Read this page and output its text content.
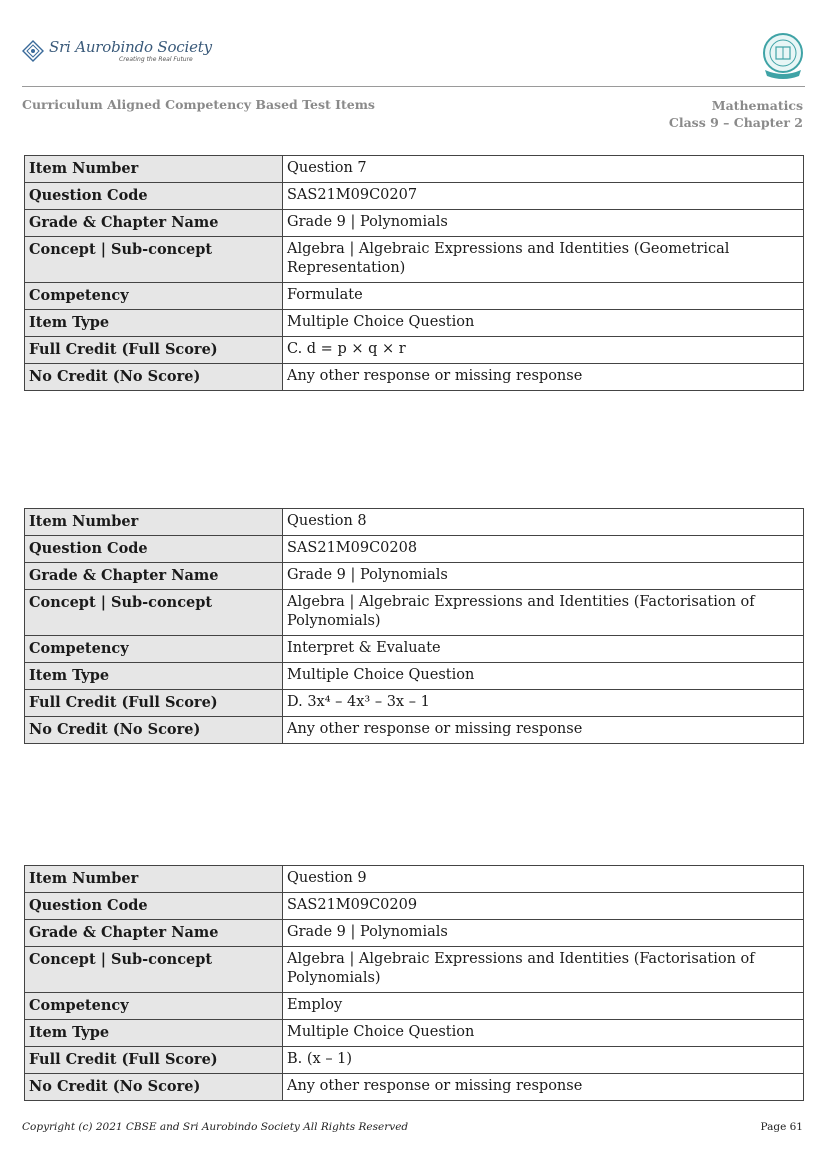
Sri Aurobindo Society
Creating the Real Future
Curriculum Aligned Competency Based Test Items	Mathematics
Class 9 – Chapter 2
Item Number	Question 7
Question Code	SAS21M09C0207
Grade & Chapter Name	Grade 9 | Polynomials
Concept | Sub-concept	Algebra | Algebraic Expressions and Identities (Geometrical Representation)
Competency	Formulate
Item Type	Multiple Choice Question
Full Credit (Full Score)	C. d = p × q × r
No Credit (No Score)	Any other response or missing response
Item Number	Question 8
Question Code	SAS21M09C0208
Grade & Chapter Name	Grade 9 | Polynomials
Concept | Sub-concept	Algebra | Algebraic Expressions and Identities (Factorisation of Polynomials)
Competency	Interpret & Evaluate
Item Type	Multiple Choice Question
Full Credit (Full Score)	D. 3x⁴ – 4x³ – 3x – 1
No Credit (No Score)	Any other response or missing response
Item Number	Question 9
Question Code	SAS21M09C0209
Grade & Chapter Name	Grade 9 | Polynomials
Concept | Sub-concept	Algebra | Algebraic Expressions and Identities (Factorisation of Polynomials)
Competency	Employ
Item Type	Multiple Choice Question
Full Credit (Full Score)	B. (x – 1)
No Credit (No Score)	Any other response or missing response
Copyright (c) 2021 CBSE and Sri Aurobindo Society All Rights Reserved	Page 61
